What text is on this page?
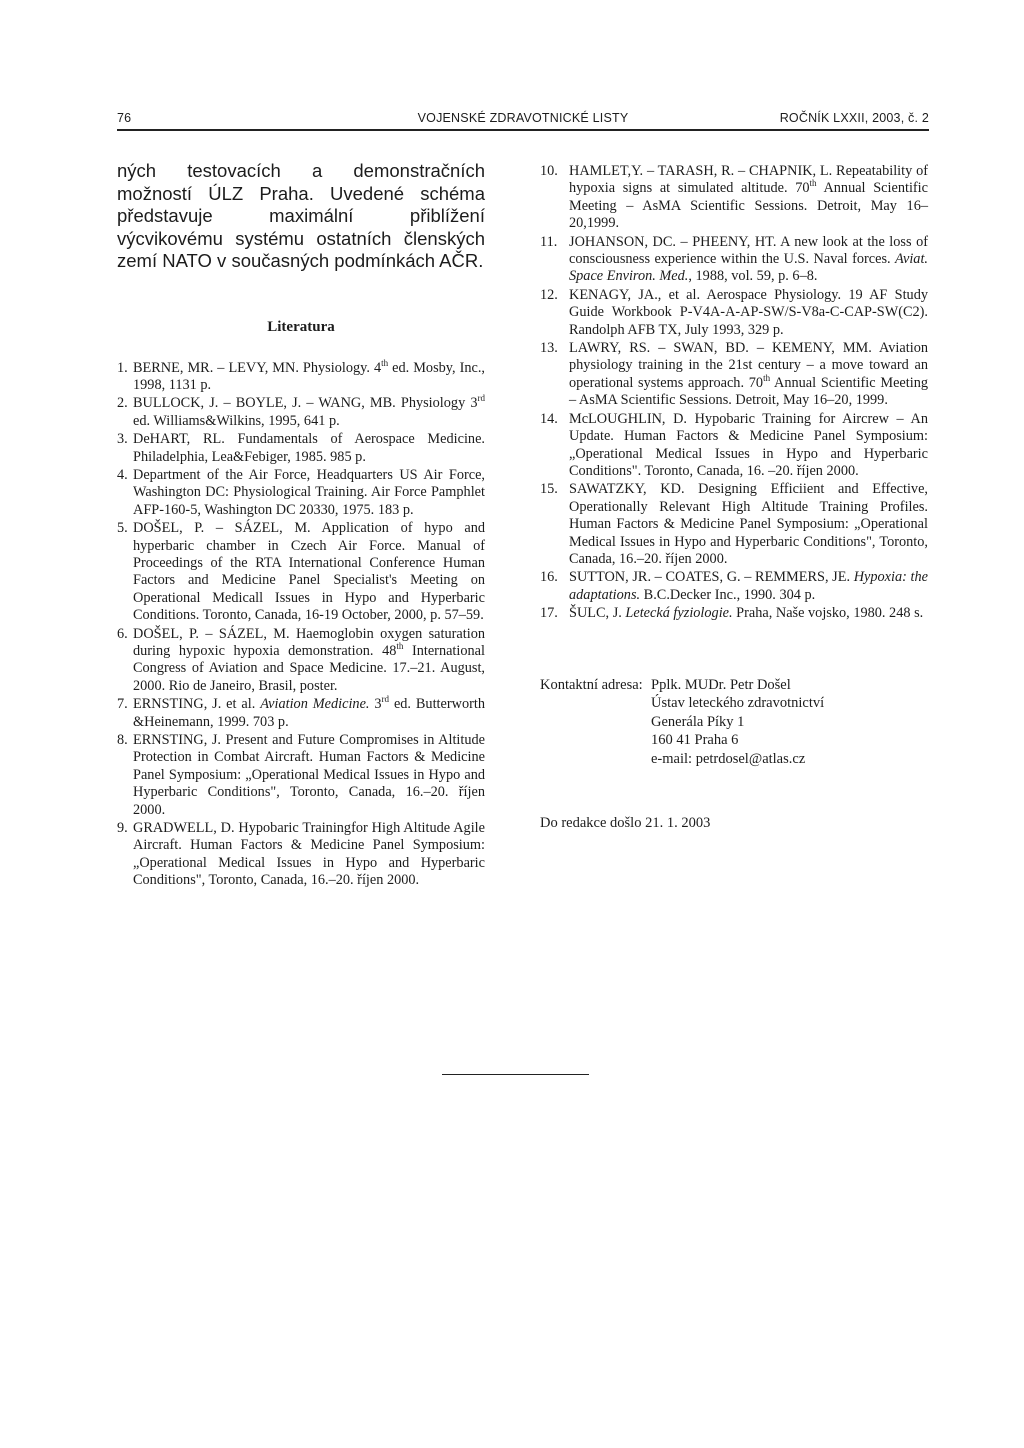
76	VOJENSKÉ ZDRAVOTNICKÉ LISTY	ROČNÍK LXXII, 2003, č. 2

ných testovacích a demonstračních možností ÚLZ Praha. Uvedené schéma představuje maximální přiblížení výcvikovému systému ostatních členských zemí NATO v současných podmínkách AČR.

Literatura
1. BERNE, MR. – LEVY, MN. Physiology. 4th ed. Mosby, Inc., 1998, 1131 p.
2. BULLOCK, J. – BOYLE, J. – WANG, MB. Physiology 3rd ed. Williams&Wilkins, 1995, 641 p.
3. DeHART, RL. Fundamentals of Aerospace Medicine. Philadelphia, Lea&Febiger, 1985. 985 p.
4. Department of the Air Force, Headquarters US Air Force, Washington DC: Physiological Training. Air Force Pamphlet AFP-160-5, Washington DC 20330, 1975. 183 p.
5. DOŠEL, P. – SÁZEL, M. Application of hypo and hyperbaric chamber in Czech Air Force. Manual of Proceedings of the RTA International Conference Human Factors and Medicine Panel Specialist's Meeting on Operational Medicall Issues in Hypo and Hyperbaric Conditions. Toronto, Canada, 16-19 October, 2000, p. 57–59.
6. DOŠEL, P. – SÁZEL, M. Haemoglobin oxygen saturation during hypoxic hypoxia demonstration. 48th International Congress of Aviation and Space Medicine. 17.–21. August, 2000. Rio de Janeiro, Brasil, poster.
7. ERNSTING, J. et al. Aviation Medicine. 3rd ed. Butterworth &Heinemann, 1999. 703 p.
8. ERNSTING, J. Present and Future Compromises in Altitude Protection in Combat Aircraft. Human Factors & Medicine Panel Symposium: „Operational Medical Issues in Hypo and Hyperbaric Conditions", Toronto, Canada, 16.–20. říjen 2000.
9. GRADWELL, D. Hypobaric Trainingfor High Altitude Agile Aircraft. Human Factors & Medicine Panel Symposium: „Operational Medical Issues in Hypo and Hyperbaric Conditions", Toronto, Canada, 16.–20. říjen 2000.
10. HAMLET,Y. – TARASH, R. – CHAPNIK, L. Repeatability of hypoxia signs at simulated altitude. 70th Annual Scientific Meeting – AsMA Scientific Sessions. Detroit, May 16–20,1999.
11. JOHANSON, DC. – PHEENY, HT. A new look at the loss of consciousness experience within the U.S. Naval forces. Aviat. Space Environ. Med., 1988, vol. 59, p. 6–8.
12. KENAGY, JA., et al. Aerospace Physiology. 19 AF Study Guide Workbook P-V4A-A-AP-SW/S-V8a-C-CAP-SW(C2). Randolph AFB TX, July 1993, 329 p.
13. LAWRY, RS. – SWAN, BD. – KEMENY, MM. Aviation physiology training in the 21st century – a move toward an operational systems approach. 70th Annual Scientific Meeting – AsMA Scientific Sessions. Detroit, May 16–20, 1999.
14. McLOUGHLIN, D. Hypobaric Training for Aircrew – An Update. Human Factors & Medicine Panel Symposium: „Operational Medical Issues in Hypo and Hyperbaric Conditions". Toronto, Canada, 16. –20. říjen 2000.
15. SAWATZKY, KD. Designing Efficiient and Effective, Operationally Relevant High Altitude Training Profiles. Human Factors & Medicine Panel Symposium: „Operational Medical Issues in Hypo and Hyperbaric Conditions", Toronto, Canada, 16.–20. říjen 2000.
16. SUTTON, JR. – COATES, G. – REMMERS, JE. Hypoxia: the adaptations. B.C.Decker Inc., 1990. 304 p.
17. ŠULC, J. Letecká fyziologie. Praha, Naše vojsko, 1980. 248 s.
Kontaktní adresa: Pplk. MUDr. Petr Došel
Ústav leteckého zdravotnictví
Generála Píky 1
160 41 Praha 6
e-mail: petrdosel@atlas.cz
Do redakce došlo 21. 1. 2003
